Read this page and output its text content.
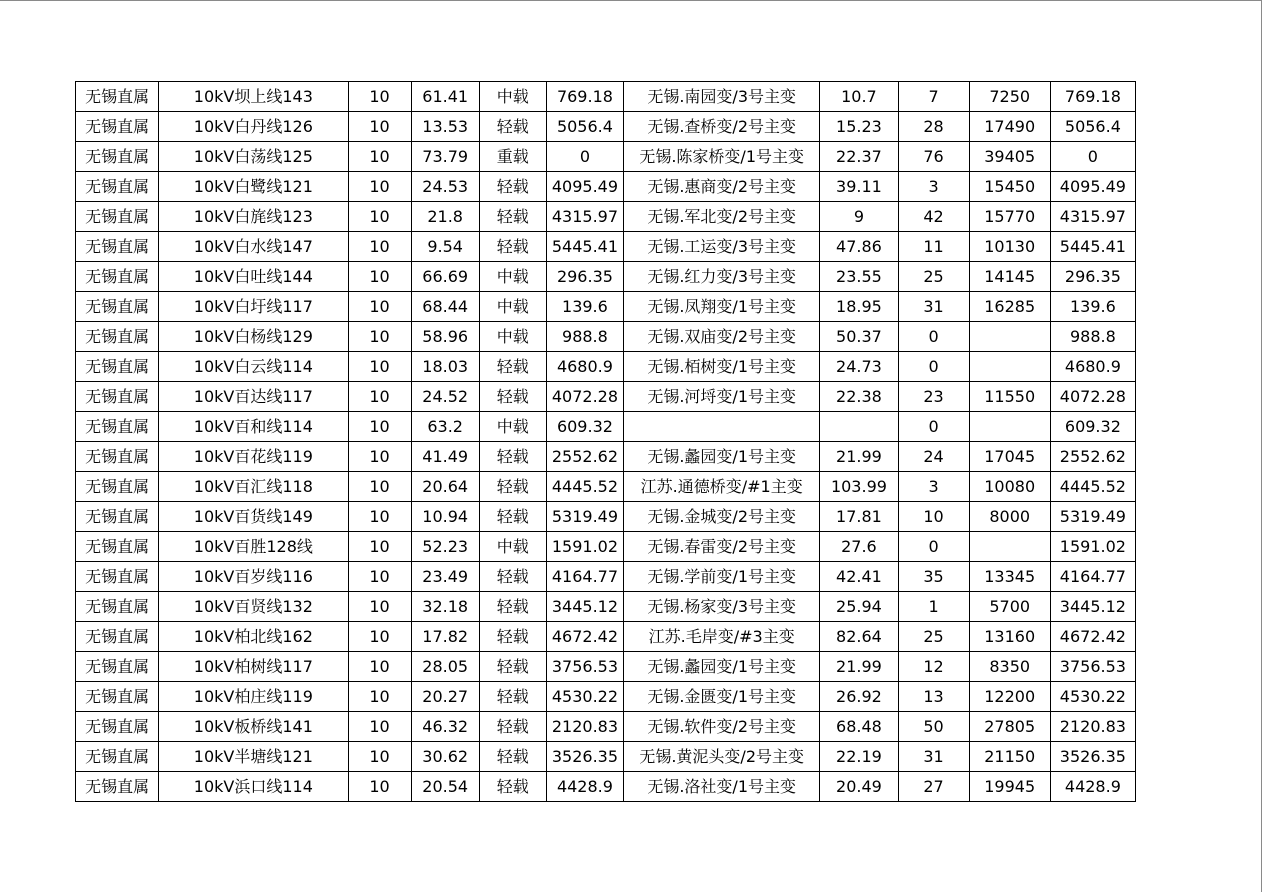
无锡直属	10kV坝上线143	10	61.41	中载	769.18	无锡.南园变/3号主变	10.7	7	7250	769.18
无锡直属	10kV白丹线126	10	13.53	轻载	5056.4	无锡.查桥变/2号主变	15.23	28	17490	5056.4
无锡直属	10kV白荡线125	10	73.79	重载	0	无锡.陈家桥变/1号主变	22.37	76	39405	0
无锡直属	10kV白鹭线121	10	24.53	轻载	4095.49	无锡.惠商变/2号主变	39.11	3	15450	4095.49
无锡直属	10kV白旄线123	10	21.8	轻载	4315.97	无锡.军北变/2号主变	9	42	15770	4315.97
无锡直属	10kV白水线147	10	9.54	轻载	5445.41	无锡.工运变/3号主变	47.86	11	10130	5445.41
无锡直属	10kV白吐线144	10	66.69	中载	296.35	无锡.红力变/3号主变	23.55	25	14145	296.35
无锡直属	10kV白圩线117	10	68.44	中载	139.6	无锡.凤翔变/1号主变	18.95	31	16285	139.6
无锡直属	10kV白杨线129	10	58.96	中载	988.8	无锡.双庙变/2号主变	50.37	0		988.8
无锡直属	10kV白云线114	10	18.03	轻载	4680.9	无锡.栢树变/1号主变	24.73	0		4680.9
无锡直属	10kV百达线117	10	24.52	轻载	4072.28	无锡.河埒变/1号主变	22.38	23	11550	4072.28
无锡直属	10kV百和线114	10	63.2	中载	609.32			0		609.32
无锡直属	10kV百花线119	10	41.49	轻载	2552.62	无锡.蠡园变/1号主变	21.99	24	17045	2552.62
无锡直属	10kV百汇线118	10	20.64	轻载	4445.52	江苏.通德桥变/#1主变	103.99	3	10080	4445.52
无锡直属	10kV百货线149	10	10.94	轻载	5319.49	无锡.金城变/2号主变	17.81	10	8000	5319.49
无锡直属	10kV百胜128线	10	52.23	中载	1591.02	无锡.春雷变/2号主变	27.6	0		1591.02
无锡直属	10kV百岁线116	10	23.49	轻载	4164.77	无锡.学前变/1号主变	42.41	35	13345	4164.77
无锡直属	10kV百贤线132	10	32.18	轻载	3445.12	无锡.杨家变/3号主变	25.94	1	5700	3445.12
无锡直属	10kV柏北线162	10	17.82	轻载	4672.42	江苏.毛岸变/#3主变	82.64	25	13160	4672.42
无锡直属	10kV柏树线117	10	28.05	轻载	3756.53	无锡.蠡园变/1号主变	21.99	12	8350	3756.53
无锡直属	10kV柏庄线119	10	20.27	轻载	4530.22	无锡.金匮变/1号主变	26.92	13	12200	4530.22
无锡直属	10kV板桥线141	10	46.32	轻载	2120.83	无锡.软件变/2号主变	68.48	50	27805	2120.83
无锡直属	10kV半塘线121	10	30.62	轻载	3526.35	无锡.黄泥头变/2号主变	22.19	31	21150	3526.35
无锡直属	10kV浜口线114	10	20.54	轻载	4428.9	无锡.洛社变/1号主变	20.49	27	19945	4428.9
